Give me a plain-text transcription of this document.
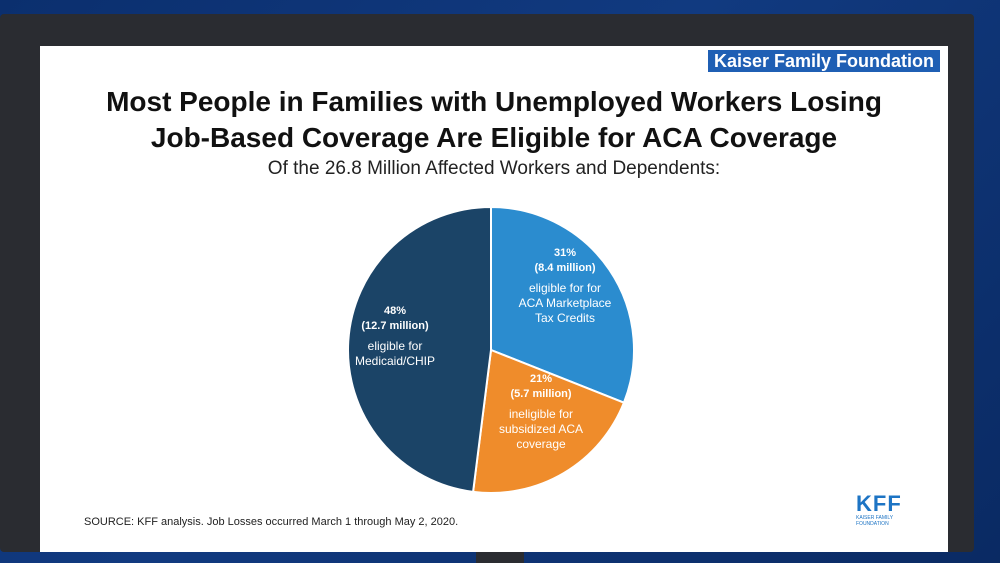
Kaiser Family Foundation
Most People in Families with Unemployed Workers Losing
Job-Based Coverage Are Eligible for ACA Coverage
Of the 26.8 Million Affected Workers and Dependents:
31%
(8.4 million)
eligible for for
ACA Marketplace
Tax Credits
21%
(5.7 million)
ineligible for
subsidized ACA
coverage
48%
(12.7 million)
eligible for
Medicaid/CHIP
SOURCE: KFF analysis. Job Losses occurred March 1 through May 2, 2020.
KFF
KAISER FAMILY
FOUNDATION
